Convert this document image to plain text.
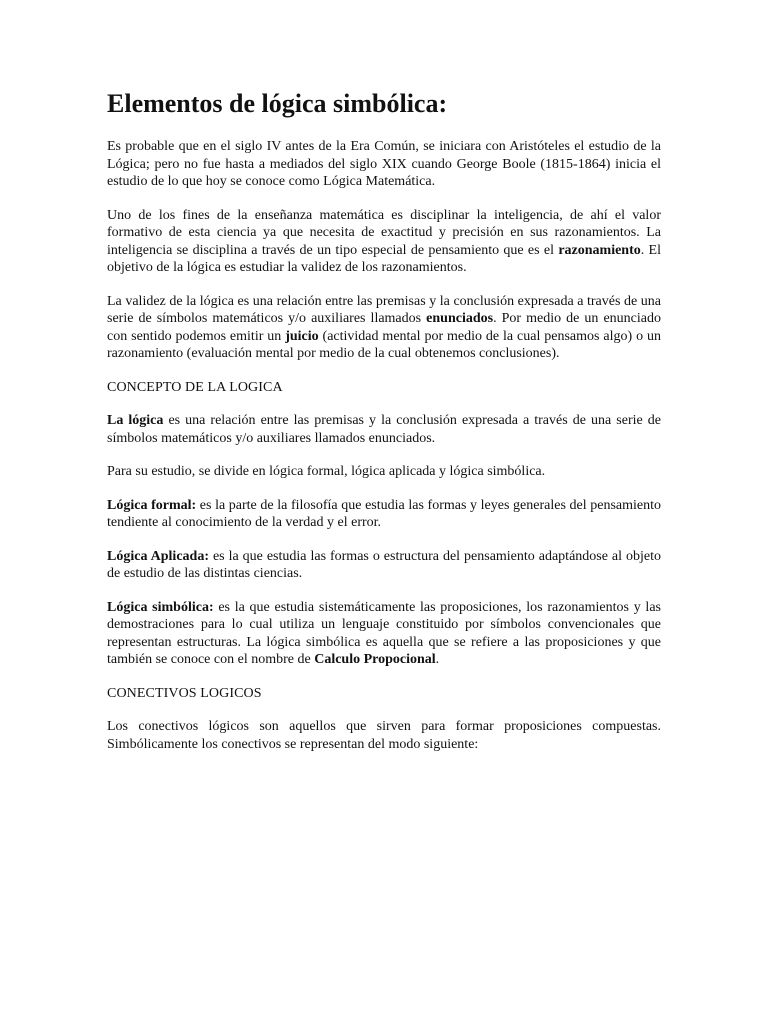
Elementos de lógica simbólica:

Es probable que en el siglo IV antes de la Era Común, se iniciara con Aristóteles el estudio de la Lógica; pero no fue hasta a mediados del siglo XIX cuando George Boole (1815-1864) inicia el estudio de lo que hoy se conoce como Lógica Matemática.

Uno de los fines de la enseñanza matemática es disciplinar la inteligencia, de ahí el valor formativo de esta ciencia ya que necesita de exactitud y precisión en sus razonamientos. La inteligencia se disciplina a través de un tipo especial de pensamiento que es el razonamiento. El objetivo de la lógica es estudiar la validez de los razonamientos.

La validez de la lógica es una relación entre las premisas y la conclusión expresada a través de una serie de símbolos matemáticos y/o auxiliares llamados enunciados. Por medio de un enunciado con sentido podemos emitir un juicio (actividad mental por medio de la cual pensamos algo) o un razonamiento (evaluación mental por medio de la cual obtenemos conclusiones).

CONCEPTO DE LA LOGICA

La lógica es una relación entre las premisas y la conclusión expresada a través de una serie de símbolos matemáticos y/o auxiliares llamados enunciados.

Para su estudio, se divide en lógica formal, lógica aplicada y lógica simbólica.

Lógica formal: es la parte de la filosofía que estudia las formas y leyes generales del pensamiento tendiente al conocimiento de la verdad y el error.

Lógica Aplicada: es la que estudia las formas o estructura del pensamiento adaptándose al objeto de estudio de las distintas ciencias.

Lógica simbólica: es la que estudia sistemáticamente las proposiciones, los razonamientos y las demostraciones para lo cual utiliza un lenguaje constituido por símbolos convencionales que representan estructuras. La lógica simbólica es aquella que se refiere a las proposiciones y que también se conoce con el nombre de Calculo Propocional.

CONECTIVOS LOGICOS

Los conectivos lógicos son aquellos que sirven para formar proposiciones compuestas. Simbólicamente los conectivos se representan del modo siguiente:
